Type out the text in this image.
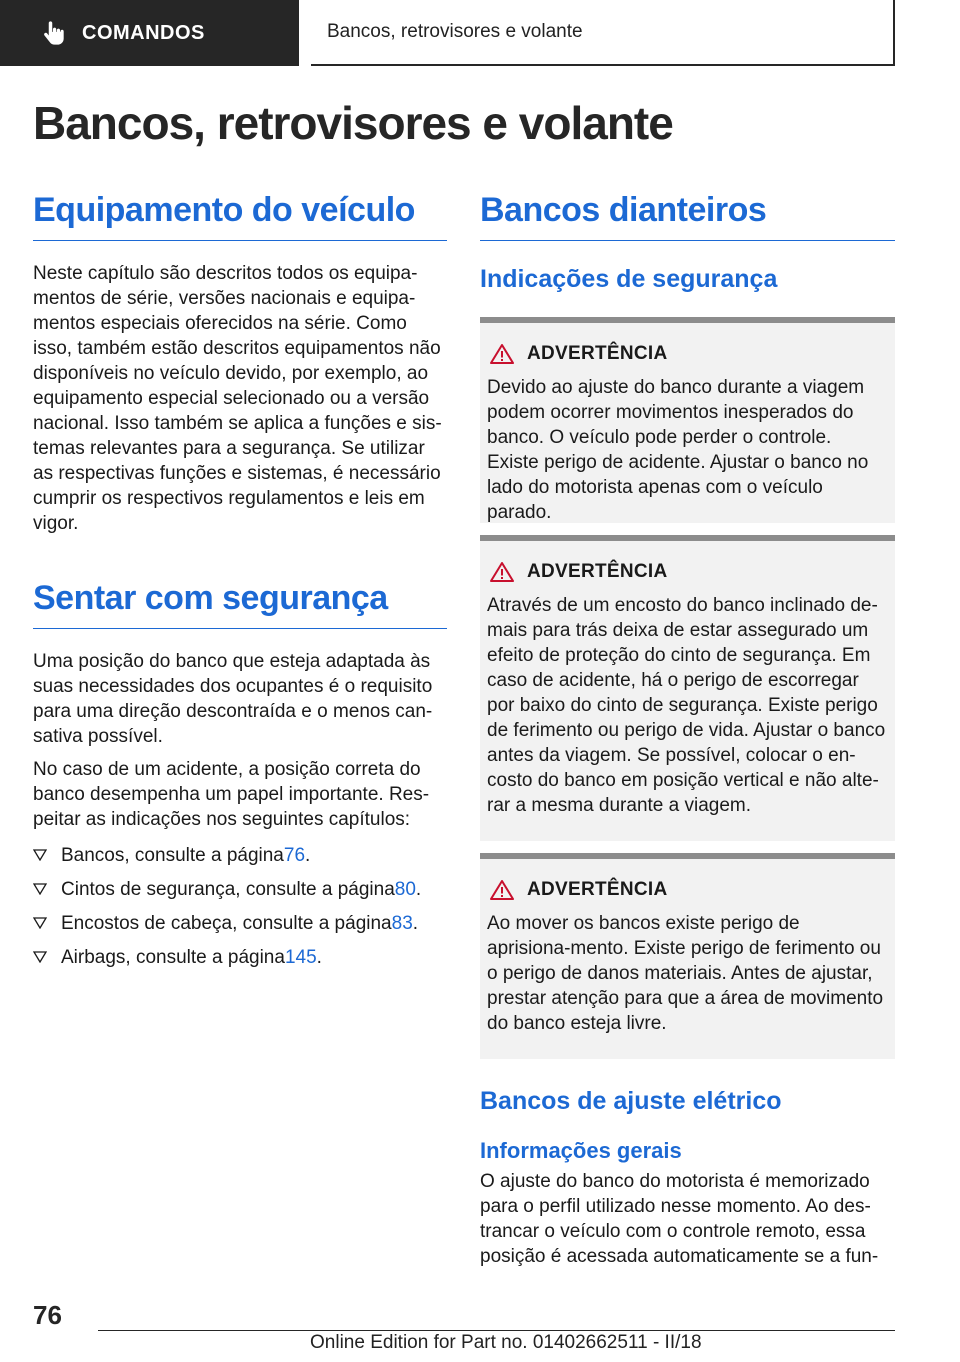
COMANDOS	Bancos, retrovisores e volante
Bancos, retrovisores e volante
Equipamento do veículo

Neste capítulo são descritos todos os equipa-mentos de série, versões nacionais e equipa-mentos especiais oferecidos na série. Como isso, também estão descritos equipamentos não disponíveis no veículo devido, por exemplo, ao equipamento especial selecionado ou a versão nacional. Isso também se aplica a funções e sis-temas relevantes para a segurança. Se utilizar as respectivas funções e sistemas, é necessário cumprir os respectivos regulamentos e leis em vigor.

Sentar com segurança

Uma posição do banco que esteja adaptada às suas necessidades dos ocupantes é o requisito para uma direção descontraída e o menos can-sativa possível.

No caso de um acidente, a posição correta do banco desempenha um papel importante. Res-peitar as indicações nos seguintes capítulos:

Bancos, consulte a página 76 .
Cintos de segurança, consulte a página 80 .
Encostos de cabeça, consulte a página 83 .
Airbags, consulte a página 145 .
Bancos dianteiros
Indicações de segurança
ADVERTÊNCIA

Devido ao ajuste do banco durante a viagem podem ocorrer movimentos inesperados do banco. O veículo pode perder o controle. Existe perigo de acidente. Ajustar o banco no lado do motorista apenas com o veículo parado.

ADVERTÊNCIA

Através de um encosto do banco inclinado de-mais para trás deixa de estar assegurado um efeito de proteção do cinto de segurança. Em caso de acidente, há o perigo de escorregar por baixo do cinto de segurança. Existe perigo de ferimento ou perigo de vida. Ajustar o banco antes da viagem. Se possível, colocar o en-costo do banco em posição vertical e não alte-rar a mesma durante a viagem.

ADVERTÊNCIA

Ao mover os bancos existe perigo de aprisiona-mento. Existe perigo de ferimento ou o perigo de danos materiais. Antes de ajustar, prestar atenção para que a área de movimento do banco esteja livre.

Bancos de ajuste elétrico
Informações gerais

O ajuste do banco do motorista é memorizado para o perfil utilizado nesse momento. Ao des-trancar o veículo com o controle remoto, essa posição é acessada automaticamente se a fun-

76
Online Edition for Part no. 01402662511 - II/18
